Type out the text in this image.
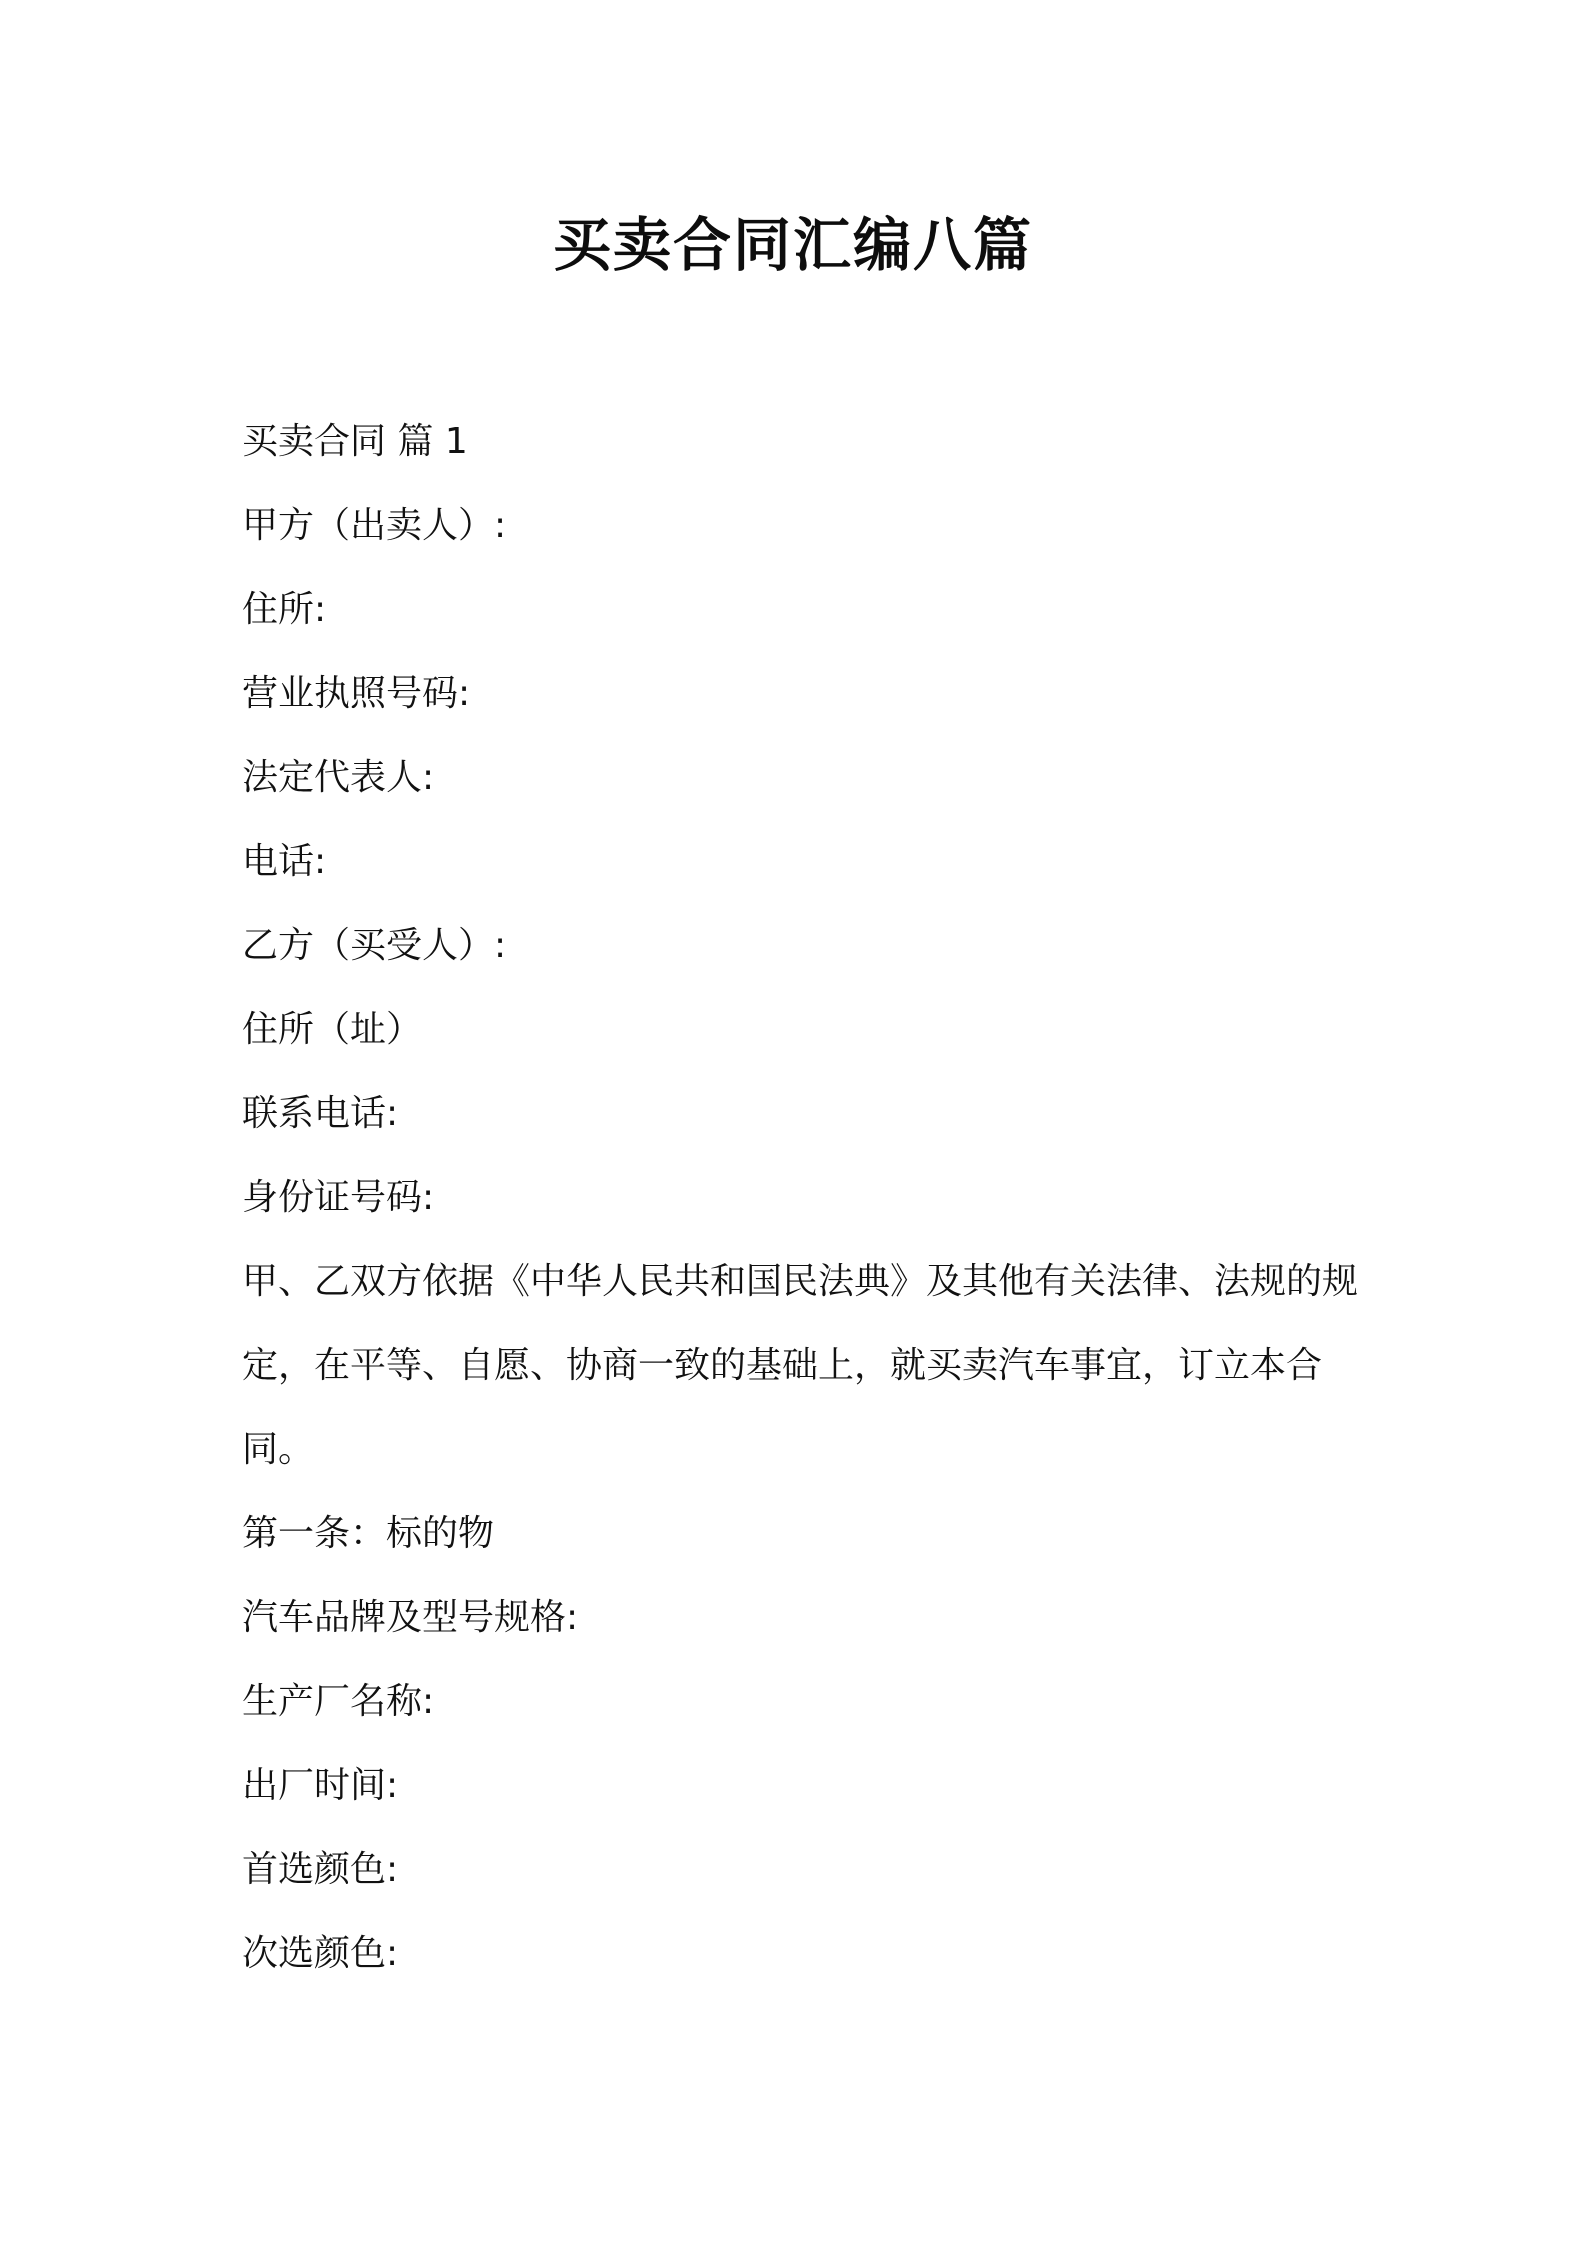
买卖合同汇编八篇

买卖合同 篇 1

甲方（出卖人）:

住所:

营业执照号码:

法定代表人:

电话:

乙方（买受人）:

住所（址）

联系电话:

身份证号码:

甲、乙双方依据《中华人民共和国民法典》及其他有关法律、法规的规定，在平等、自愿、协商一致的基础上，就买卖汽车事宜，订立本合同。

第一条：标的物

汽车品牌及型号规格:

生产厂名称:

出厂时间:

首选颜色:

次选颜色:
